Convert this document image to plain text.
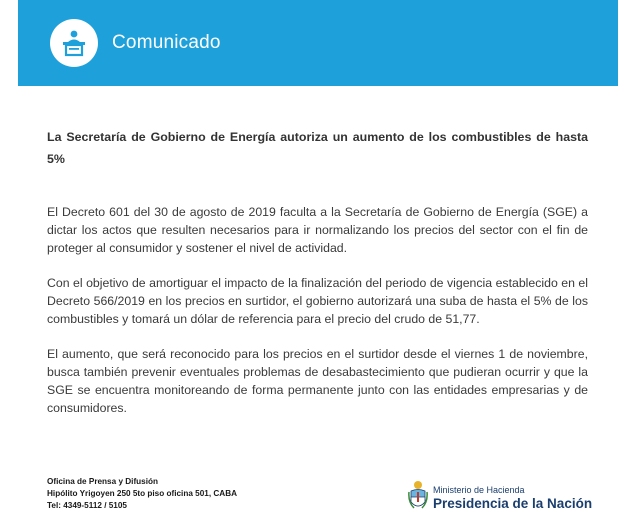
Comunicado
La Secretaría de Gobierno de Energía autoriza un aumento de los combustibles de hasta 5%
El Decreto 601 del 30 de agosto de 2019 faculta a la Secretaría de Gobierno de Energía (SGE) a dictar los actos que resulten necesarios para ir normalizando los precios del sector con el fin de proteger al consumidor y sostener el nivel de actividad.
Con el objetivo de amortiguar el impacto de la finalización del periodo de vigencia establecido en el Decreto 566/2019 en los precios en surtidor, el gobierno autorizará una suba de hasta el 5% de los combustibles y tomará un dólar de referencia para el precio del crudo de 51,77.
El aumento, que será reconocido para los precios en el surtidor desde el viernes 1 de noviembre, busca también prevenir eventuales problemas de desabastecimiento que pudieran ocurrir y que la SGE se encuentra monitoreando de forma permanente junto con las entidades empresarias y de consumidores.
Oficina de Prensa y Difusión
Hipólito Yrigoyen 250 5to piso oficina 501, CABA
Tel: 4349-5112 / 5105
Ministerio de Hacienda
Presidencia de la Nación
